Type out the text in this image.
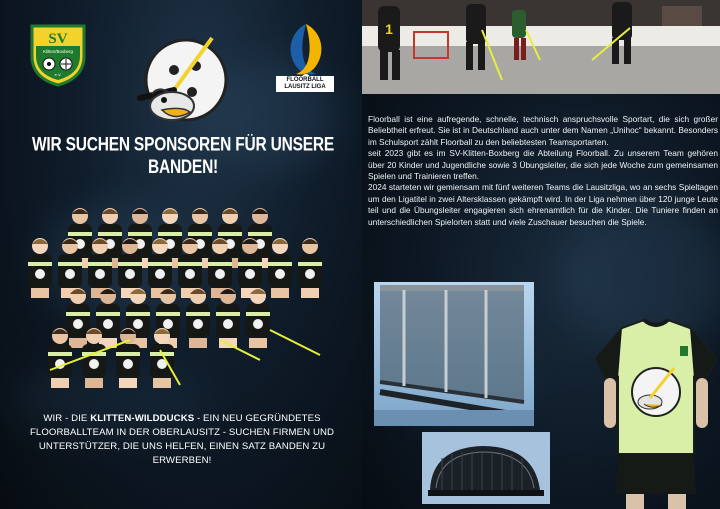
SV
Klitten/Boxberg
e.V.
FLOORBALL
LAUSITZ LIGA
WIR SUCHEN SPONSOREN FÜR UNSERE BANDEN!

WIR - DIE KLITTEN-WILDDUCKS - EIN NEU GEGRÜNDETES FLOORBALLTEAM IN DER OBERLAUSITZ - SUCHEN FIRMEN UND UNTERSTÜTZER, DIE UNS HELFEN, EINEN SATZ BANDEN ZU ERWERBEN!

1

Floorball ist eine aufregende, schnelle, technisch anspruchsvolle Sportart, die sich großer Beliebtheit erfreut. Sie ist in Deutschland auch unter dem Namen „Unihoc“ bekannt. Besonders im Schulsport zählt Floorball zu den beliebtesten Teamsportarten.

seit 2023 gibt es im SV-Klitten-Boxberg die Abteilung Floorball. Zu unserem Team gehören über 20 Kinder und Jugendliche sowie 3 Übungsleiter, die sich jede Woche zum gemeinsamen Spielen und Trainieren treffen.

2024 starteten wir gemiensam mit fünf weiteren Teams die Lausitzliga, wo an sechs Spieltagen um den Ligatitel in zwei Altersklassen gekämpft wird. In der Liga nehmen über 120 junge Leute teil und die Übungsleiter engagieren sich ehrenamtlich für die Kinder. Die Tuniere finden an unterschiedlichen Spielorten statt und viele Zuschauer besuchen die Spiele.
